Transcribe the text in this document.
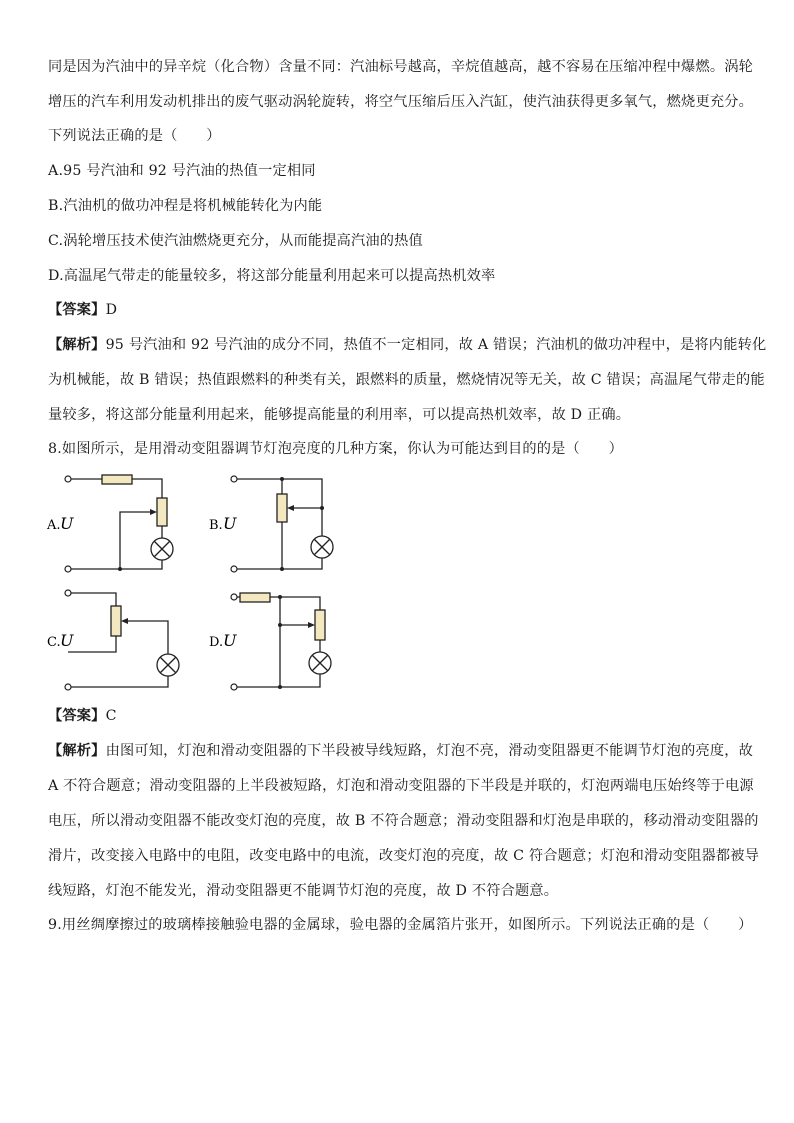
同是因为汽油中的异辛烷（化合物）含量不同：汽油标号越高，辛烷值越高，越不容易在压缩冲程中爆燃。涡轮
增压的汽车利用发动机排出的废气驱动涡轮旋转，将空气压缩后压入汽缸，使汽油获得更多氧气，燃烧更充分。
下列说法正确的是（　　）
A.95 号汽油和 92 号汽油的热值一定相同
B.汽油机的做功冲程是将机械能转化为内能
C.涡轮增压技术使汽油燃烧更充分，从而能提高汽油的热值
D.高温尾气带走的能量较多，将这部分能量利用起来可以提高热机效率
【答案】D
【解析】95 号汽油和 92 号汽油的成分不同，热值不一定相同，故 A 错误；汽油机的做功冲程中，是将内能转化
为机械能，故 B 错误；热值跟燃料的种类有关，跟燃料的质量，燃烧情况等无关，故 C 错误；高温尾气带走的能
量较多，将这部分能量利用起来，能够提高能量的利用率，可以提高热机效率，故 D 正确。
8.如图所示，是用滑动变阻器调节灯泡亮度的几种方案，你认为可能达到目的的是（　　）
A. U	B. U
C. U	D. U
【答案】C
【解析】由图可知，灯泡和滑动变阻器的下半段被导线短路，灯泡不亮，滑动变阻器更不能调节灯泡的亮度，故
A 不符合题意；滑动变阻器的上半段被短路，灯泡和滑动变阻器的下半段是并联的，灯泡两端电压始终等于电源
电压，所以滑动变阻器不能改变灯泡的亮度，故 B 不符合题意；滑动变阻器和灯泡是串联的，移动滑动变阻器的
滑片，改变接入电路中的电阻，改变电路中的电流，改变灯泡的亮度，故 C 符合题意；灯泡和滑动变阻器都被导
线短路，灯泡不能发光，滑动变阻器更不能调节灯泡的亮度，故 D 不符合题意。
9.用丝绸摩擦过的玻璃棒接触验电器的金属球，验电器的金属箔片张开，如图所示。下列说法正确的是（　　）
